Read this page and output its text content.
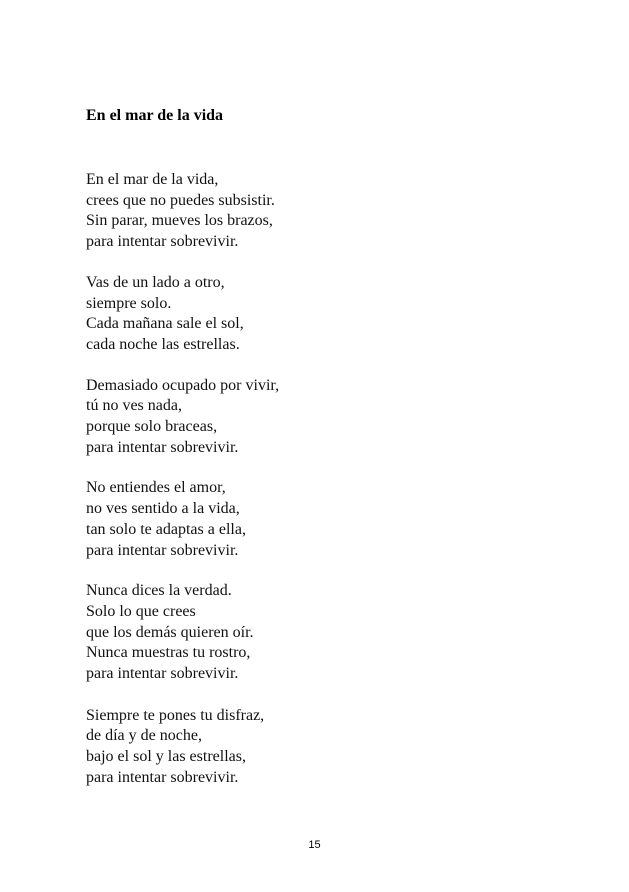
En el mar de la vida
En el mar de la vida,
crees que no puedes subsistir.
Sin parar, mueves los brazos,
para intentar sobrevivir.
Vas de un lado a otro,
siempre solo.
Cada mañana sale el sol,
cada noche las estrellas.
Demasiado ocupado por vivir,
tú no ves nada,
porque solo braceas,
para intentar sobrevivir.
No entiendes el amor,
no ves sentido a la vida,
tan solo te adaptas a ella,
para intentar sobrevivir.
Nunca dices la verdad.
Solo lo que crees
que los demás quieren oír.
Nunca muestras tu rostro,
para intentar sobrevivir.
Siempre te pones tu disfraz,
de día y de noche,
bajo el sol y las estrellas,
para intentar sobrevivir.
15
